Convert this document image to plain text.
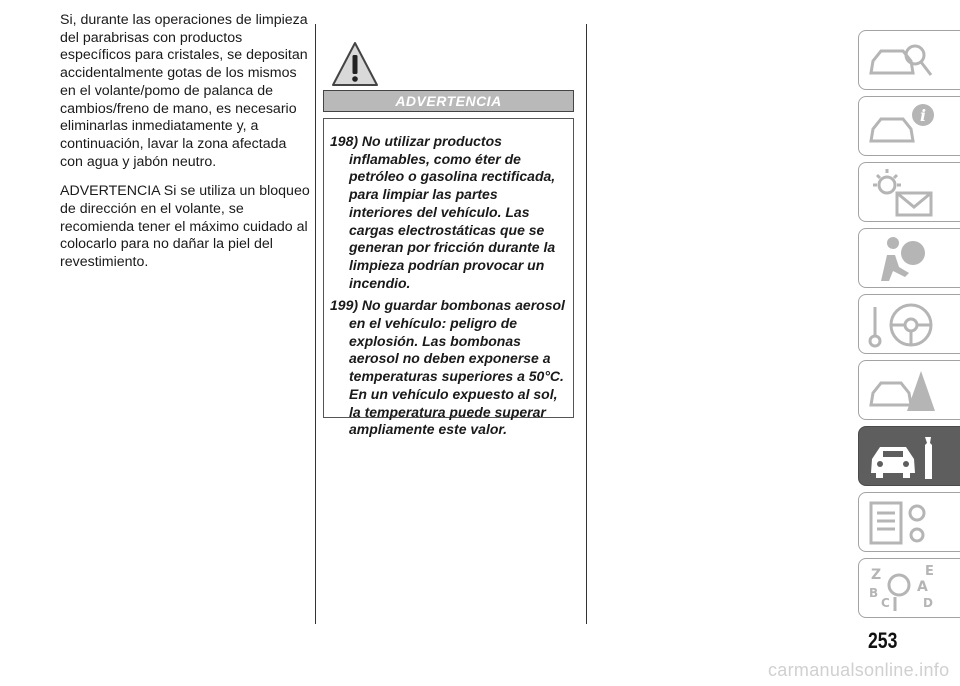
Si, durante las operaciones de limpieza del parabrisas con productos específicos para cristales, se depositan accidentalmente gotas de los mismos en el volante/pomo de palanca de cambios/freno de mano, es necesario eliminarlas inmediatamente y, a continuación, lavar la zona afectada con agua y jabón neutro.

ADVERTENCIA Si se utiliza un bloqueo de dirección en el volante, se recomienda tener el máximo cuidado al colocarlo para no dañar la piel del revestimiento.

ADVERTENCIA

198) No utilizar productos inflamables, como éter de petróleo o gasolina rectificada, para limpiar las partes interiores del vehículo. Las cargas electrostáticas que se generan por fricción durante la limpieza podrían provocar un incendio.

199) No guardar bombonas aerosol en el vehículo: peligro de explosión. Las bombonas aerosol no deben exponerse a temperaturas superiores a 50°C. En un vehículo expuesto al sol, la temperatura puede superar ampliamente este valor.

i
Z	E
B	A
C	D
253
carmanualsonline.info
